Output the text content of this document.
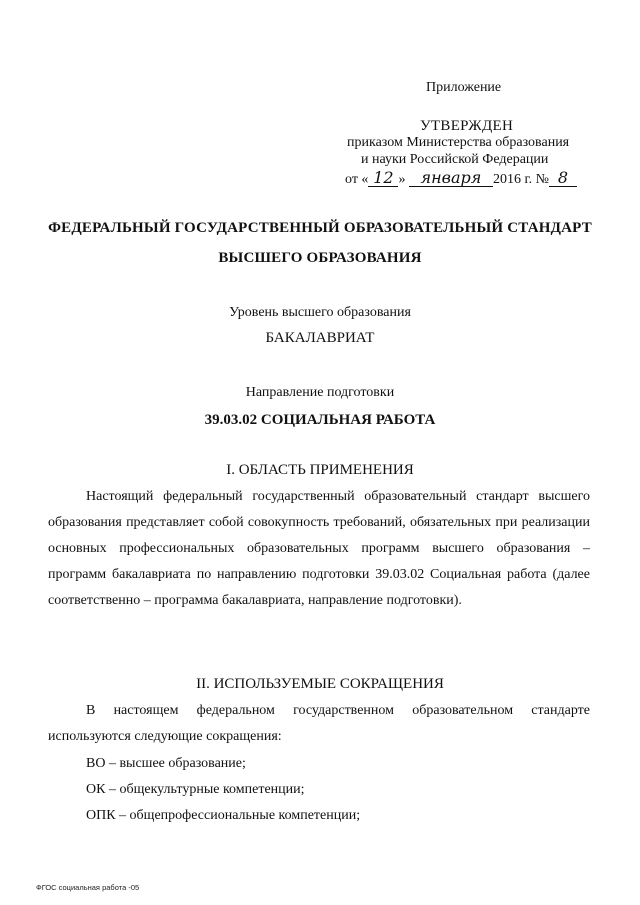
Приложение
УТВЕРЖДЕН
приказом Министерства образования
и науки Российской Федерации
от « 12 » января 2016 г. № 8
ФЕДЕРАЛЬНЫЙ ГОСУДАРСТВЕННЫЙ ОБРАЗОВАТЕЛЬНЫЙ СТАНДАРТ
ВЫСШЕГО ОБРАЗОВАНИЯ
Уровень высшего образования
БАКАЛАВРИАТ
Направление подготовки
39.03.02 СОЦИАЛЬНАЯ РАБОТА
I. ОБЛАСТЬ ПРИМЕНЕНИЯ
Настоящий федеральный государственный образовательный стандарт высшего образования представляет собой совокупность требований, обязательных при реализации основных профессиональных образовательных программ высшего образования – программ бакалавриата по направлению подготовки 39.03.02 Социальная работа (далее соответственно – программа бакалавриата, направление подготовки).
II. ИСПОЛЬЗУЕМЫЕ СОКРАЩЕНИЯ
В настоящем федеральном государственном образовательном стандарте используются следующие сокращения:
ВО – высшее образование;
ОК – общекультурные компетенции;
ОПК – общепрофессиональные компетенции;
ФГОС социальная работа -05
